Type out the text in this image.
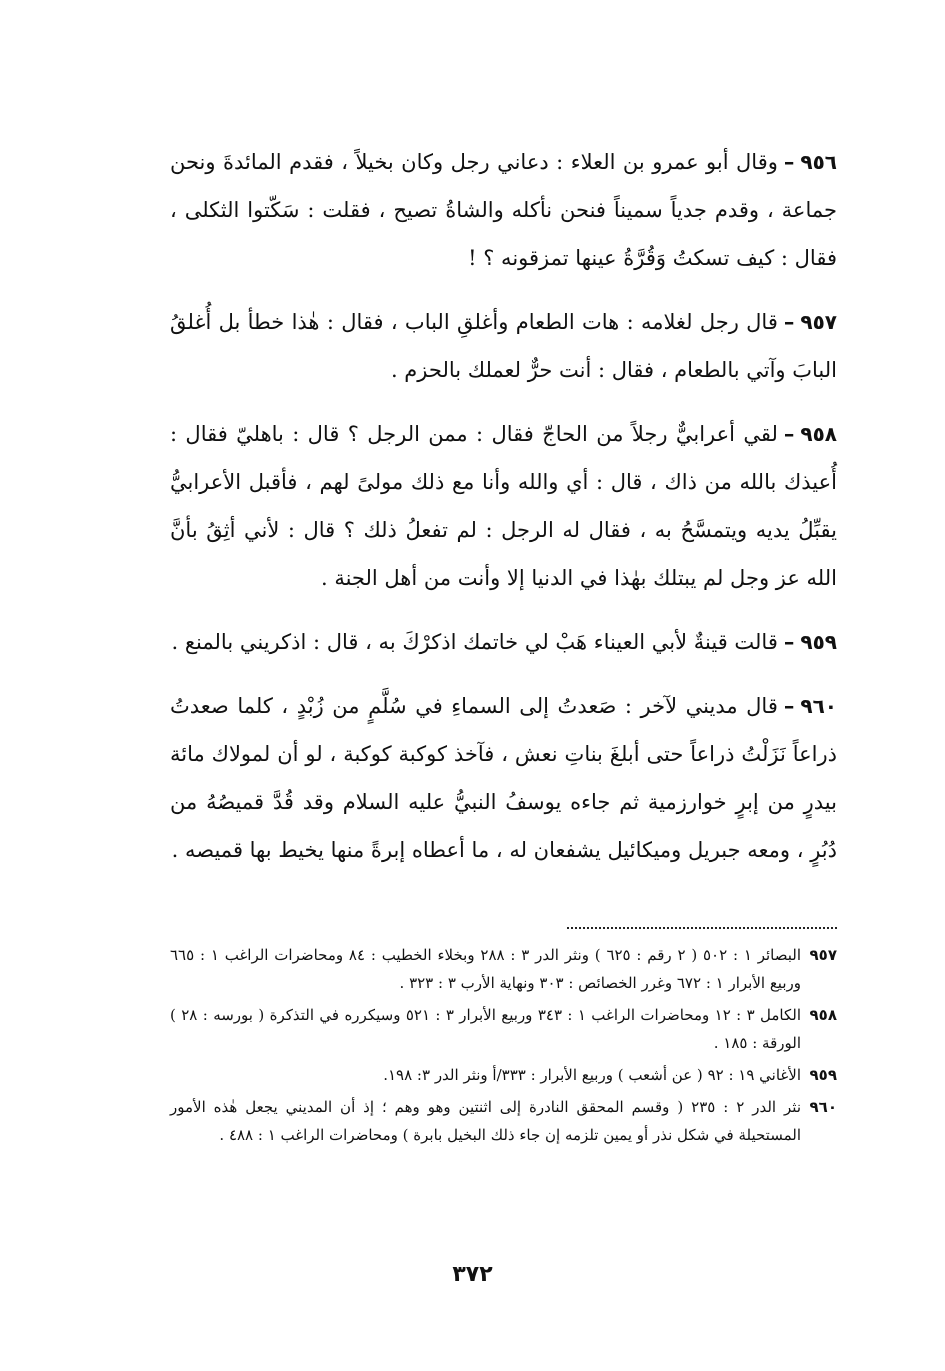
٩٥٦–وقال أبو عمرو بن العلاء : دعاني رجل وكان بخيلاً ، فقدم المائدةَ ونحن جماعة ، وقدم جدياً سميناً فنحن نأكله والشاةُ تصيح ، فقلت : سَكّتوا الثكلى ، فقال : كيف تسكتُ وَقُرَّةُ عينها تمزقونه ؟ !

٩٥٧–قال رجل لغلامه : هات الطعام وأغلقِ الباب ، فقال : هٰذا خطأ بل أُغلقُ البابَ وآتي بالطعام ، فقال : أنت حرٌّ لعملك بالحزم .

٩٥٨–لقي أعرابيٌّ رجلاً من الحاجّ فقال : ممن الرجل ؟ قال : باهليّ فقال : أُعيذك بالله من ذاك ، قال : أي والله وأنا مع ذلك مولىً لهم ، فأقبل الأعرابيُّ يقبِّلُ يديه ويتمسَّحُ به ، فقال له الرجل : لم تفعلُ ذلك ؟ قال : لأني أثِقُ بأنَّ الله عز وجل لم يبتلك بهٰذا في الدنيا إلا وأنت من أهل الجنة .

٩٥٩–قالت قينةٌ لأبي العيناء هَبْ لي خاتمك اذكرْكَ به ، قال : اذكريني بالمنع .

٩٦٠–قال مديني لآخر : صَعدتُ إلى السماءِ في سُلَّمٍ من زُبْدٍ ، كلما صعدتُ ذراعاً نَزَلْتُ ذراعاً حتى أبلغَ بناتِ نعش ، فآخذ كوكبة كوكبة ، لو أن لمولاك مائة بيدرٍ من إبرٍ خوارزمية ثم جاءه يوسفُ النبيُّ عليه السلام وقد قُدَّ قميصُهُ من دُبُرٍ ، ومعه جبريل وميكائيل يشفعان له ، ما أعطاه إبرةً منها يخيط بها قميصه .

٩٥٧
البصائر ١ : ٥٠٢ ( ٢ رقم : ٦٢٥ ) ونثر الدر ٣ : ٢٨٨ وبخلاء الخطيب : ٨٤ ومحاضرات الراغب ١ : ٦٦٥ وربيع الأبرار ١ : ٦٧٢ وغرر الخصائص : ٣٠٣ ونهاية الأرب ٣ : ٣٢٣ .
٩٥٨
الكامل ٣ : ١٢ ومحاضرات الراغب ١ : ٣٤٣ وربيع الأبرار ٣ : ٥٢١ وسيكرره في التذكرة ( بورسه : ٢٨ ) الورقة : ١٨٥ .
٩٥٩
الأغاني ١٩ : ٩٢ ( عن أشعب ) وربيع الأبرار : ٣٣٣/أ ونثر الدر ٣: ١٩٨.
٩٦٠
نثر الدر ٢ : ٢٣٥ ( وقسم المحقق النادرة إلى اثنتين وهو وهم ؛ إذ أن المديني يجعل هٰذه الأمور المستحيلة في شكل نذر أو يمين تلزمه إن جاء ذلك البخيل بابرة ) ومحاضرات الراغب ١ : ٤٨٨ .
٣٧٢
